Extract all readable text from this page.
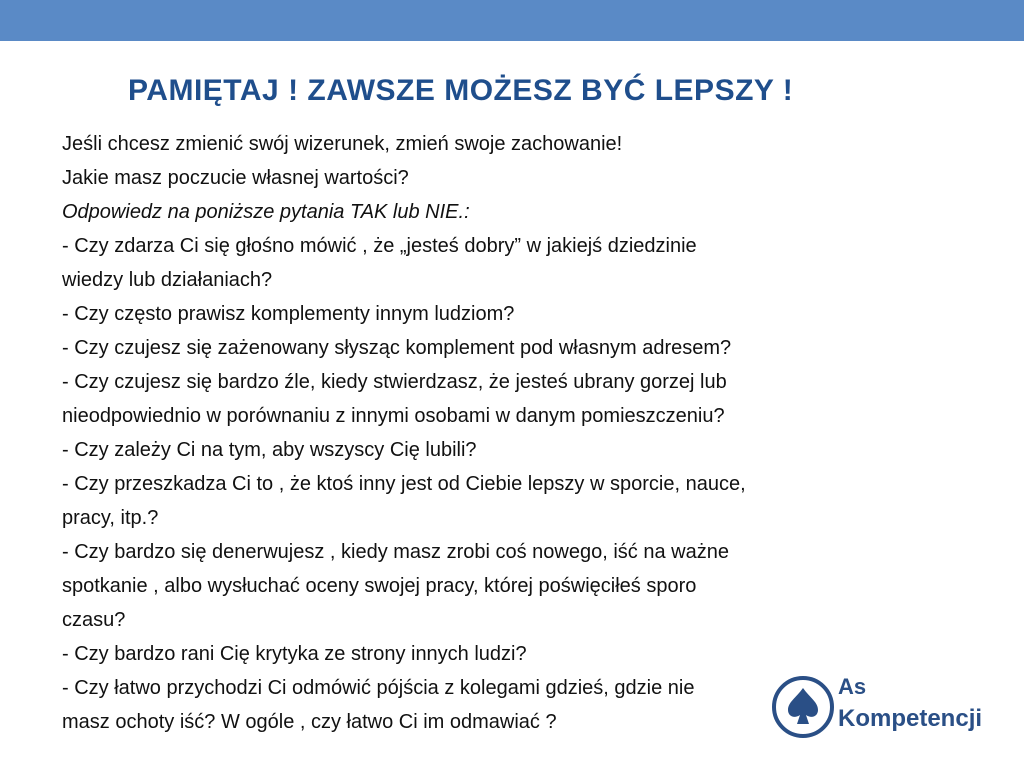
PAMIĘTAJ ! ZAWSZE MOŻESZ BYĆ LEPSZY !
Jeśli chcesz zmienić swój wizerunek, zmień swoje zachowanie!
Jakie masz poczucie własnej wartości?
Odpowiedz na poniższe pytania TAK lub NIE.:
- Czy zdarza Ci się głośno mówić , że „jesteś dobry” w jakiejś dziedzinie
wiedzy lub działaniach?
- Czy często prawisz komplementy innym ludziom?
- Czy czujesz się zażenowany słysząc komplement pod własnym adresem?
- Czy czujesz się bardzo źle, kiedy stwierdzasz, że jesteś ubrany gorzej lub
nieodpowiednio w porównaniu z innymi osobami w danym pomieszczeniu?
- Czy zależy Ci na tym, aby wszyscy Cię lubili?
- Czy przeszkadza Ci to , że ktoś inny jest od Ciebie lepszy w sporcie, nauce,
pracy, itp.?
- Czy bardzo się denerwujesz , kiedy masz zrobi coś nowego, iść na ważne
spotkanie , albo wysłuchać oceny swojej pracy, której poświęciłeś sporo
czasu?
- Czy bardzo rani Cię krytyka ze strony innych ludzi?
- Czy łatwo przychodzi Ci odmówić pójścia z kolegami gdzieś, gdzie nie
masz ochoty iść? W ogóle , czy łatwo Ci im odmawiać ?
As
Kompetencji
